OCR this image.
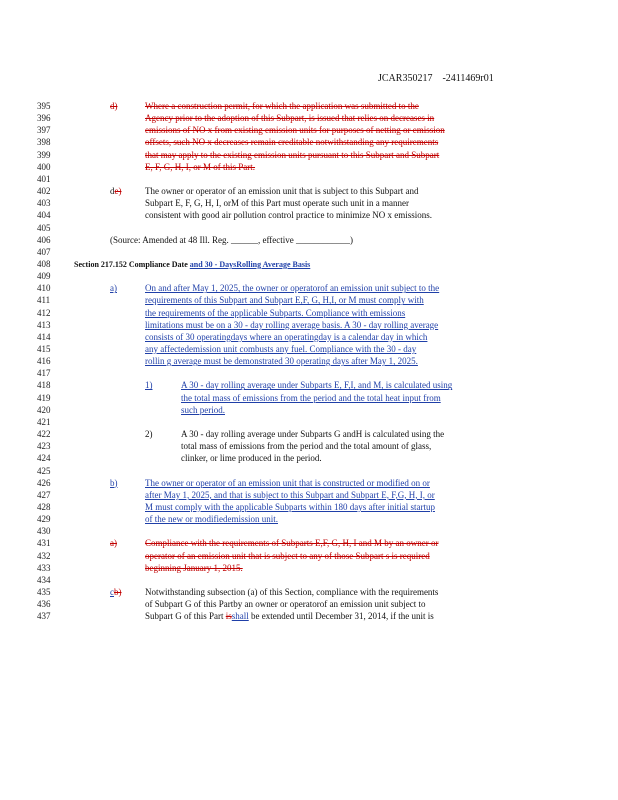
JCAR350217    -2411469r01
395	d)	Where a construction permit, for which the application was submitted to the
396	Agency prior to the adoption of this Subpart, is issued that relies on decreases in
397	emissions of NO x from existing emission units for purposes of netting or emission
398	offsets, such NO x decreases remain creditable notwithstanding any requirements
399	that may apply to the existing emission units pursuant to this Subpart and Subpart
400	E, F, G, H, I, or M of this Part.
401
402	de)	The owner or operator of an emission unit that is subject to this Subpart and
403	Subpart E, F, G, H, I, orM of this Part must operate such unit in a manner
404	consistent with good air pollution control practice to minimize NO x emissions.
405
406	(Source: Amended at 48 Ill. Reg. ______, effective ____________)
407
408	Section 217.152 Compliance Date and 30 - DaysRolling Average Basis
409
410	a)	On and after May 1, 2025, the owner or operatorof an emission unit subject to the
411	requirements of this Subpart and Subpart E,F, G, H,I, or M must comply with
412	the requirements of the applicable Subparts. Compliance with emissions
413	limitations must be on a 30 - day rolling average basis. A 30 - day rolling average
414	consists of 30 operatingdays where an operatingday is a calendar day in which
415	any affectedemission unit combusts any fuel. Compliance with the 30 - day
416	rollin g average must be demonstrated 30 operating days after May 1, 2025.
417
418	1)	A 30 - day rolling average under Subparts E, F,I, and M, is calculated using
419	the total mass of emissions from the period and the total heat input from
420	such period.
421
422	2)	A 30 - day rolling average under Subparts G andH is calculated using the
423	total mass of emissions from the period and the total amount of glass,
424	clinker, or lime produced in the period.
425
426	b)	The owner or operator of an emission unit that is constructed or modified on or
427	after May 1, 2025, and that is subject to this Subpart and Subpart E, F,G, H, I, or
428	M must comply with the applicable Subparts within 180 days after initial startup
429	of the new or modifiedemission unit.
430
431	a)	Compliance with the requirements of Subparts E,F, G, H, I and M by an owner or
432	operator of an emission unit that is subject to any of those Subpart s is required
433	beginning January 1, 2015.
434
435	cb)	Notwithstanding subsection (a) of this Section, compliance with the requirements
436	of Subpart G of this Partby an owner or operatorof an emission unit subject to
437	Subpart G of this Part isshall be extended until December 31, 2014, if the unit is
